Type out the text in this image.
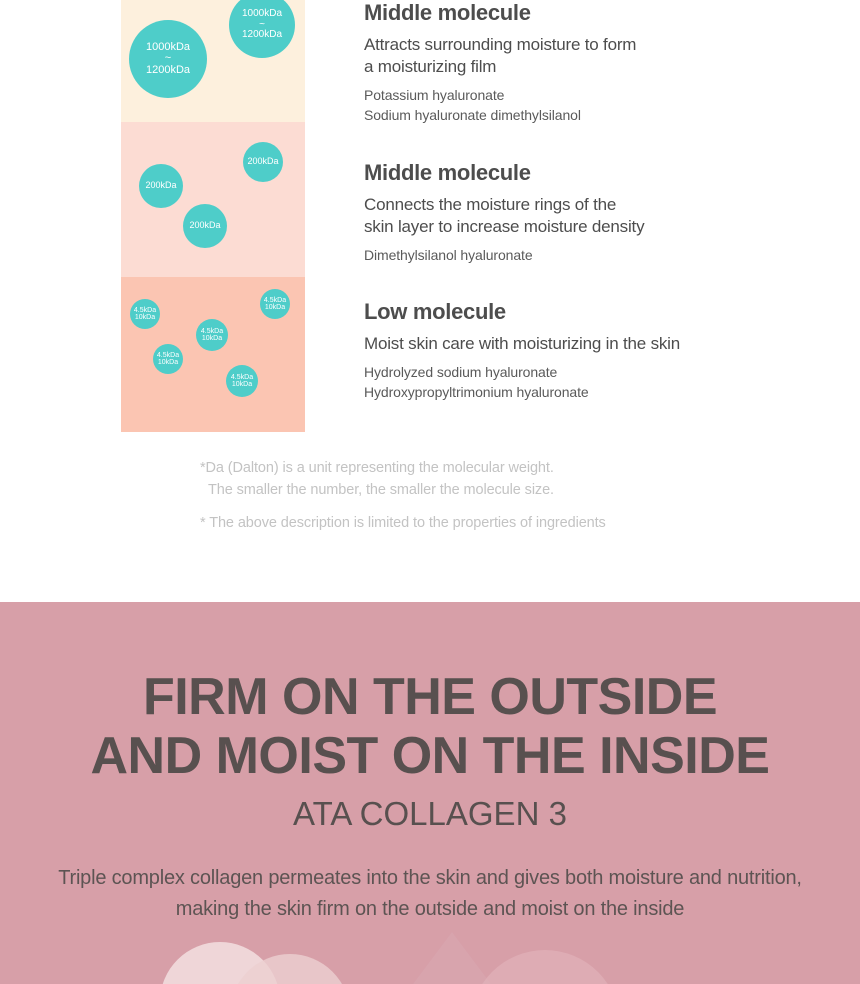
1000kDa
~
1200kDa
1000kDa
~
1200kDa
200kDa
200kDa
200kDa
4.5kDa
10kDa
4.5kDa
10kDa
4.5kDa
10kDa
4.5kDa
10kDa
4.5kDa
10kDa
Middle molecule

Attracts surrounding moisture to form
a moisturizing film

Potassium hyaluronate
Sodium hyaluronate dimethylsilanol

Middle molecule

Connects the moisture rings of the
skin layer to increase moisture density

Dimethylsilanol hyaluronate

Low molecule

Moist skin care with moisturizing in the skin

Hydrolyzed sodium hyaluronate
Hydroxypropyltrimonium hyaluronate

*Da (Dalton) is a unit representing the molecular weight.

The smaller the number, the smaller the molecule size.

* The above description is limited to the properties of ingredients

FIRM ON THE OUTSIDE
AND MOIST ON THE INSIDE
ATA COLLAGEN 3

Triple complex collagen permeates into the skin and gives both moisture and nutrition, making the skin firm on the outside and moist on the inside
